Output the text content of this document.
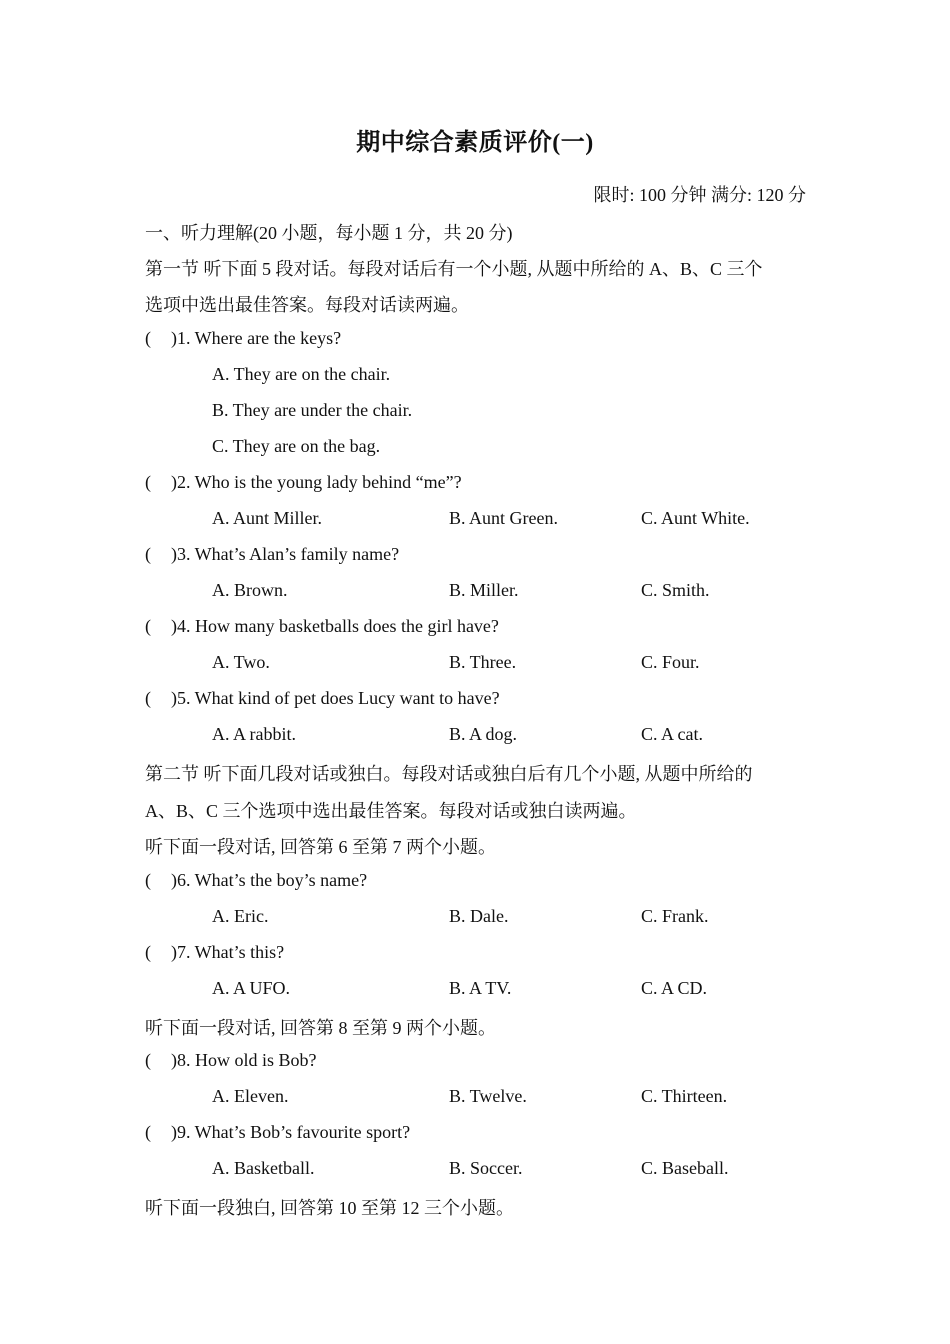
期中综合素质评价(一)
限时: 100 分钟 满分: 120 分
一、听力理解(20 小题，每小题 1 分，共 20 分)
第一节 听下面 5 段对话。每段对话后有一个小题, 从题中所给的 A、B、C 三个
选项中选出最佳答案。每段对话读两遍。
( )1. Where are the keys?
A. They are on the chair.
B. They are under the chair.
C. They are on the bag.
( )2. Who is the young lady behind “me”?
A. Aunt Miller.	B. Aunt Green.	C. Aunt White.
( )3. What’s Alan’s family name?
A. Brown.	B. Miller.	C. Smith.
( )4. How many basketballs does the girl have?
A. Two.	B. Three.	C. Four.
( )5. What kind of pet does Lucy want to have?
A. A rabbit.	B. A dog.	C. A cat.
第二节 听下面几段对话或独白。每段对话或独白后有几个小题, 从题中所给的
A、B、C 三个选项中选出最佳答案。每段对话或独白读两遍。
听下面一段对话, 回答第 6 至第 7 两个小题。
( )6. What’s the boy’s name?
A. Eric.	B. Dale.	C. Frank.
( )7. What’s this?
A. A UFO.	B. A TV.	C. A CD.
听下面一段对话, 回答第 8 至第 9 两个小题。
( )8. How old is Bob?
A. Eleven.	B. Twelve.	C. Thirteen.
( )9. What’s Bob’s favourite sport?
A. Basketball.	B. Soccer.	C. Baseball.
听下面一段独白, 回答第 10 至第 12 三个小题。
